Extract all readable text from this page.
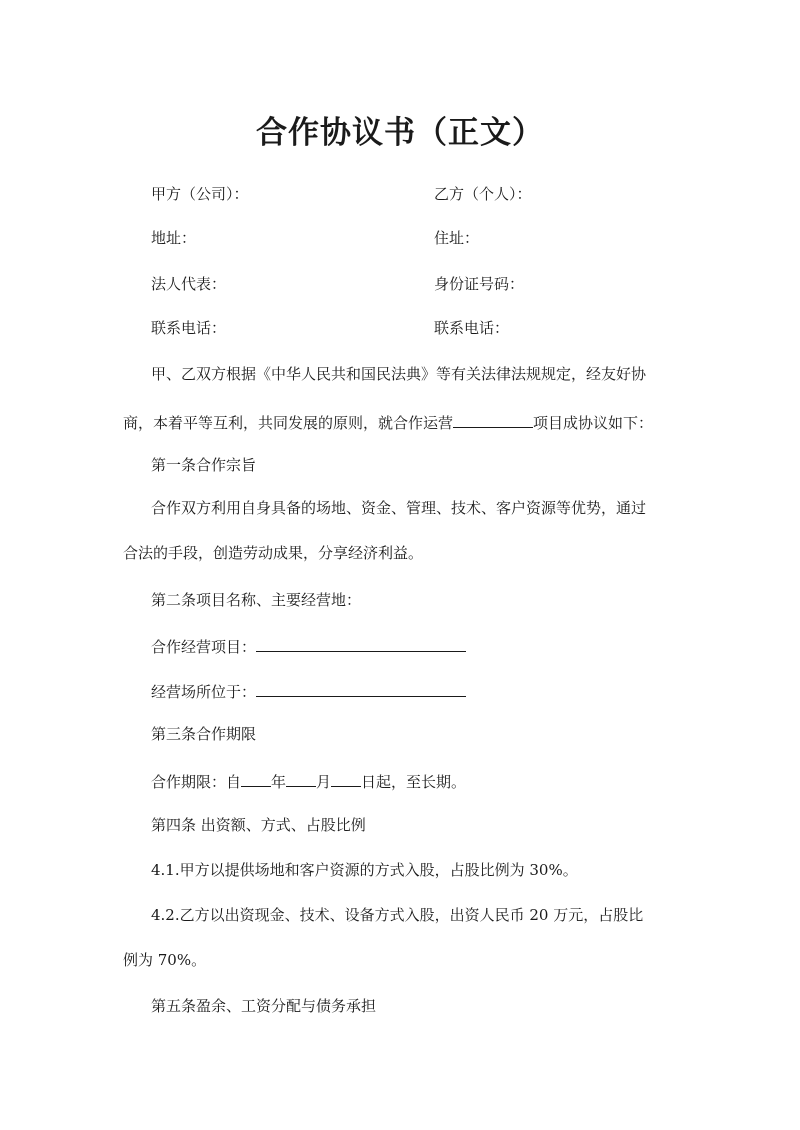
合作协议书（正文）

甲方（公司）：	乙方（个人）：

地址：	住址：

法人代表：	身份证号码：

联系电话：	联系电话：

甲、乙双方根据《中华人民共和国民法典》等有关法律法规规定，经友好协

商，本着平等互利，共同发展的原则，就合作运营	项目成协议如下：

第一条合作宗旨

合作双方利用自身具备的场地、资金、管理、技术、客户资源等优势，通过

合法的手段，创造劳动成果，分享经济利益。

第二条项目名称、主要经营地：

合作经营项目：

经营场所位于：

第三条合作期限

合作期限：自 年 月 日起，至长期。

第四条 出资额、方式、占股比例

4.1.甲方以提供场地和客户资源的方式入股，占股比例为 30%。

4.2.乙方以出资现金、技术、设备方式入股，出资人民币 20 万元，占股比

例为 70%。

第五条盈余、工资分配与债务承担
